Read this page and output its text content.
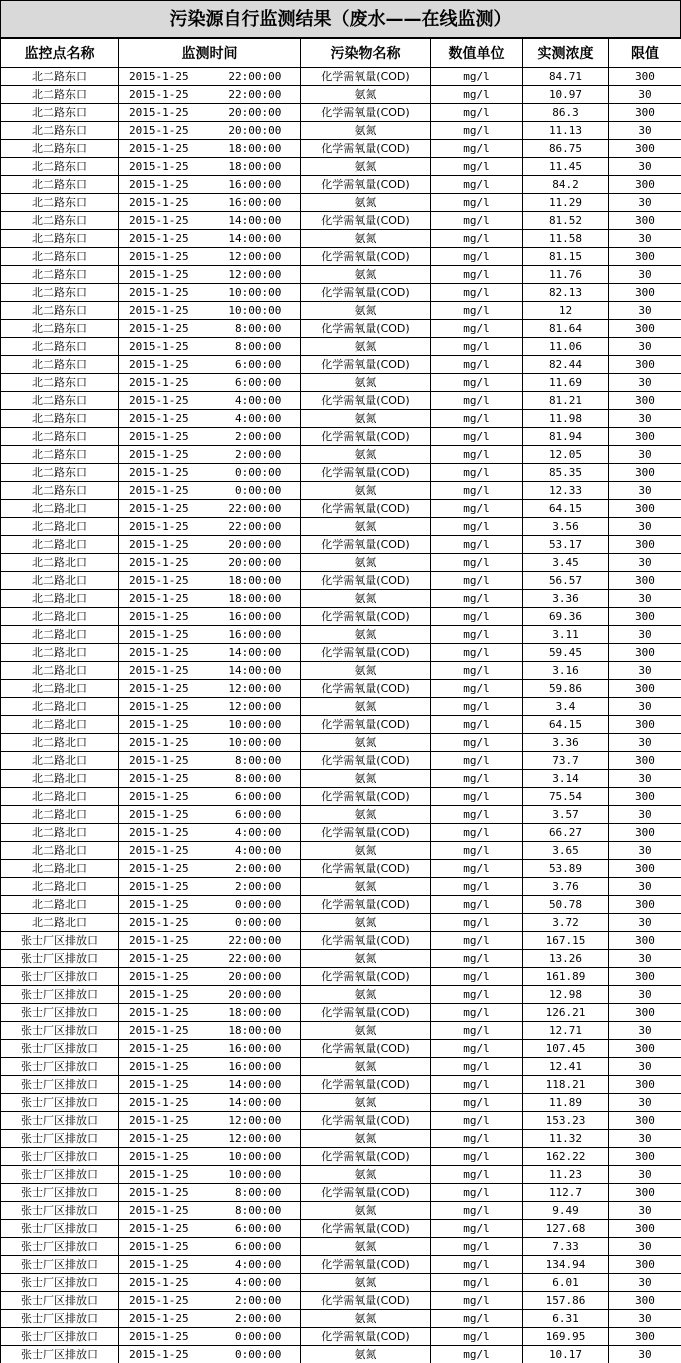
污染源自行监测结果（废水——在线监测）
监控点名称	监测时间	污染物名称	数值单位	实测浓度	限值
北二路东口	2015-1-25      22:00:00	化学需氧量(COD)	mg/l	84.71	300
北二路东口	2015-1-25      22:00:00	氨氮	mg/l	10.97	30
北二路东口	2015-1-25      20:00:00	化学需氧量(COD)	mg/l	86.3	300
北二路东口	2015-1-25      20:00:00	氨氮	mg/l	11.13	30
北二路东口	2015-1-25      18:00:00	化学需氧量(COD)	mg/l	86.75	300
北二路东口	2015-1-25      18:00:00	氨氮	mg/l	11.45	30
北二路东口	2015-1-25      16:00:00	化学需氧量(COD)	mg/l	84.2	300
北二路东口	2015-1-25      16:00:00	氨氮	mg/l	11.29	30
北二路东口	2015-1-25      14:00:00	化学需氧量(COD)	mg/l	81.52	300
北二路东口	2015-1-25      14:00:00	氨氮	mg/l	11.58	30
北二路东口	2015-1-25      12:00:00	化学需氧量(COD)	mg/l	81.15	300
北二路东口	2015-1-25      12:00:00	氨氮	mg/l	11.76	30
北二路东口	2015-1-25      10:00:00	化学需氧量(COD)	mg/l	82.13	300
北二路东口	2015-1-25      10:00:00	氨氮	mg/l	12	30
北二路东口	2015-1-25       8:00:00	化学需氧量(COD)	mg/l	81.64	300
北二路东口	2015-1-25       8:00:00	氨氮	mg/l	11.06	30
北二路东口	2015-1-25       6:00:00	化学需氧量(COD)	mg/l	82.44	300
北二路东口	2015-1-25       6:00:00	氨氮	mg/l	11.69	30
北二路东口	2015-1-25       4:00:00	化学需氧量(COD)	mg/l	81.21	300
北二路东口	2015-1-25       4:00:00	氨氮	mg/l	11.98	30
北二路东口	2015-1-25       2:00:00	化学需氧量(COD)	mg/l	81.94	300
北二路东口	2015-1-25       2:00:00	氨氮	mg/l	12.05	30
北二路东口	2015-1-25       0:00:00	化学需氧量(COD)	mg/l	85.35	300
北二路东口	2015-1-25       0:00:00	氨氮	mg/l	12.33	30
北二路北口	2015-1-25      22:00:00	化学需氧量(COD)	mg/l	64.15	300
北二路北口	2015-1-25      22:00:00	氨氮	mg/l	3.56	30
北二路北口	2015-1-25      20:00:00	化学需氧量(COD)	mg/l	53.17	300
北二路北口	2015-1-25      20:00:00	氨氮	mg/l	3.45	30
北二路北口	2015-1-25      18:00:00	化学需氧量(COD)	mg/l	56.57	300
北二路北口	2015-1-25      18:00:00	氨氮	mg/l	3.36	30
北二路北口	2015-1-25      16:00:00	化学需氧量(COD)	mg/l	69.36	300
北二路北口	2015-1-25      16:00:00	氨氮	mg/l	3.11	30
北二路北口	2015-1-25      14:00:00	化学需氧量(COD)	mg/l	59.45	300
北二路北口	2015-1-25      14:00:00	氨氮	mg/l	3.16	30
北二路北口	2015-1-25      12:00:00	化学需氧量(COD)	mg/l	59.86	300
北二路北口	2015-1-25      12:00:00	氨氮	mg/l	3.4	30
北二路北口	2015-1-25      10:00:00	化学需氧量(COD)	mg/l	64.15	300
北二路北口	2015-1-25      10:00:00	氨氮	mg/l	3.36	30
北二路北口	2015-1-25       8:00:00	化学需氧量(COD)	mg/l	73.7	300
北二路北口	2015-1-25       8:00:00	氨氮	mg/l	3.14	30
北二路北口	2015-1-25       6:00:00	化学需氧量(COD)	mg/l	75.54	300
北二路北口	2015-1-25       6:00:00	氨氮	mg/l	3.57	30
北二路北口	2015-1-25       4:00:00	化学需氧量(COD)	mg/l	66.27	300
北二路北口	2015-1-25       4:00:00	氨氮	mg/l	3.65	30
北二路北口	2015-1-25       2:00:00	化学需氧量(COD)	mg/l	53.89	300
北二路北口	2015-1-25       2:00:00	氨氮	mg/l	3.76	30
北二路北口	2015-1-25       0:00:00	化学需氧量(COD)	mg/l	50.78	300
北二路北口	2015-1-25       0:00:00	氨氮	mg/l	3.72	30
张士厂区排放口	2015-1-25      22:00:00	化学需氧量(COD)	mg/l	167.15	300
张士厂区排放口	2015-1-25      22:00:00	氨氮	mg/l	13.26	30
张士厂区排放口	2015-1-25      20:00:00	化学需氧量(COD)	mg/l	161.89	300
张士厂区排放口	2015-1-25      20:00:00	氨氮	mg/l	12.98	30
张士厂区排放口	2015-1-25      18:00:00	化学需氧量(COD)	mg/l	126.21	300
张士厂区排放口	2015-1-25      18:00:00	氨氮	mg/l	12.71	30
张士厂区排放口	2015-1-25      16:00:00	化学需氧量(COD)	mg/l	107.45	300
张士厂区排放口	2015-1-25      16:00:00	氨氮	mg/l	12.41	30
张士厂区排放口	2015-1-25      14:00:00	化学需氧量(COD)	mg/l	118.21	300
张士厂区排放口	2015-1-25      14:00:00	氨氮	mg/l	11.89	30
张士厂区排放口	2015-1-25      12:00:00	化学需氧量(COD)	mg/l	153.23	300
张士厂区排放口	2015-1-25      12:00:00	氨氮	mg/l	11.32	30
张士厂区排放口	2015-1-25      10:00:00	化学需氧量(COD)	mg/l	162.22	300
张士厂区排放口	2015-1-25      10:00:00	氨氮	mg/l	11.23	30
张士厂区排放口	2015-1-25       8:00:00	化学需氧量(COD)	mg/l	112.7	300
张士厂区排放口	2015-1-25       8:00:00	氨氮	mg/l	9.49	30
张士厂区排放口	2015-1-25       6:00:00	化学需氧量(COD)	mg/l	127.68	300
张士厂区排放口	2015-1-25       6:00:00	氨氮	mg/l	7.33	30
张士厂区排放口	2015-1-25       4:00:00	化学需氧量(COD)	mg/l	134.94	300
张士厂区排放口	2015-1-25       4:00:00	氨氮	mg/l	6.01	30
张士厂区排放口	2015-1-25       2:00:00	化学需氧量(COD)	mg/l	157.86	300
张士厂区排放口	2015-1-25       2:00:00	氨氮	mg/l	6.31	30
张士厂区排放口	2015-1-25       0:00:00	化学需氧量(COD)	mg/l	169.95	300
张士厂区排放口	2015-1-25       0:00:00	氨氮	mg/l	10.17	30
